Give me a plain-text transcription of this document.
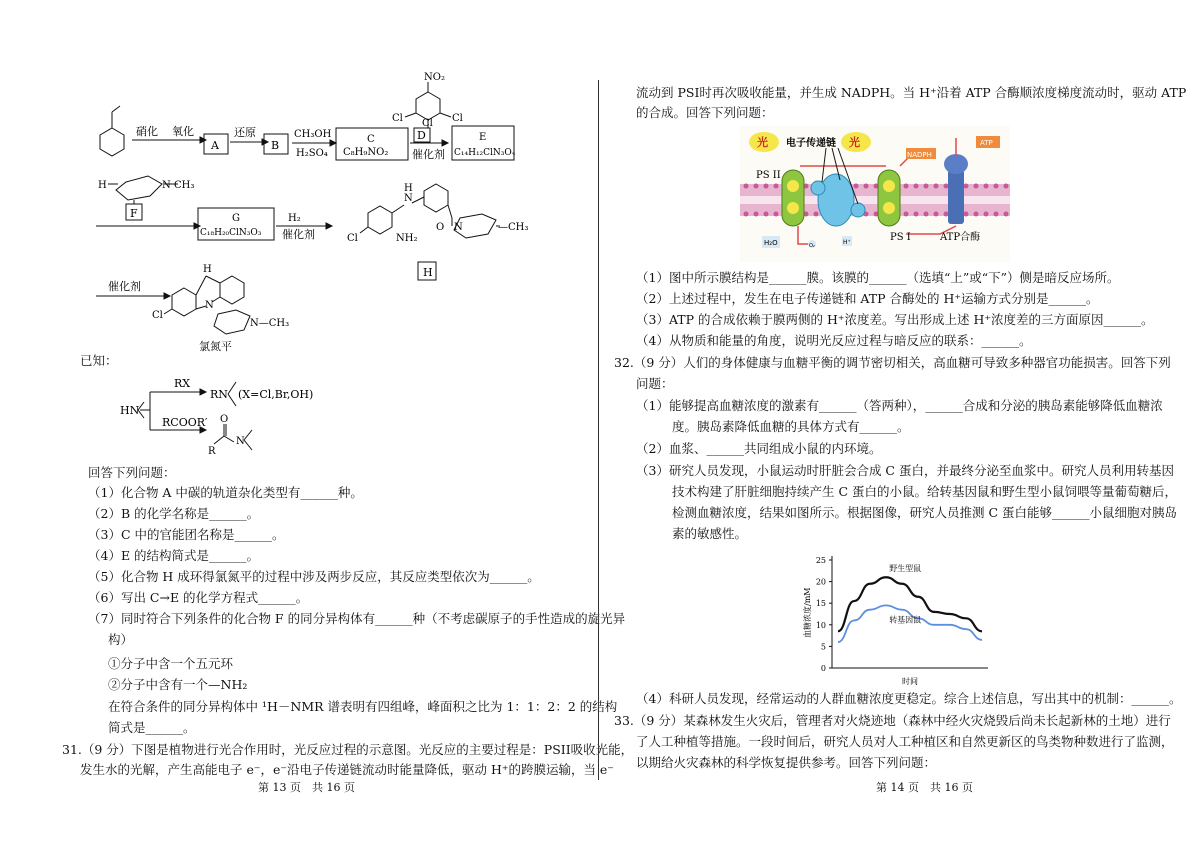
硝化 氧化
A
还原
B
CH₃OH
H₂SO₄
C
C₈H₉NO₂
NO₂
Cl	Cl
Cl
D
催化剂
E
C₁₄H₁₂ClN₃O₄
H	N CH₃
F	G
C₁₈H₂₀ClN₃O₃
H₂
催化剂
N
H
Cl	NH₂
O N	—CH₃
H
催化剂
H
N
Cl
N—CH₃
氯氮平
已知：
HN
RX
RN (X=Cl,Br,OH)
RCOOR′ O
R
N
回答下列问题：
（1）化合物 A 中碳的轨道杂化类型有______种。
（2）B 的化学名称是______。
（3）C 中的官能团名称是______。
（4）E 的结构简式是______。
（5）化合物 H 成环得氯氮平的过程中涉及两步反应，其反应类型依次为______。
（6）写出 C→E 的化学方程式______。
（7）同时符合下列条件的化合物 F 的同分异构体有______种（不考虑碳原子的手性造成的旋光异
构）
①分子中含一个五元环
②分子中含有一个—NH₂
在符合条件的同分异构体中 ¹H－NMR 谱表明有四组峰，峰面积之比为 1：1：2：2 的结构
简式是______。
31.（9 分）下图是植物进行光合作用时，光反应过程的示意图。光反应的主要过程是：PSII吸收光能，
发生水的光解，产生高能电子 e⁻，e⁻沿电子传递链流动时能量降低，驱动 H⁺的跨膜运输，当 e⁻
第 13 页　共 16 页
流动到 PSI时再次吸收能量，并生成 NADPH。当 H⁺沿着 ATP 合酶顺浓度梯度流动时，驱动 ATP
的合成。回答下列问题：
光	光
电子传递链
NADPH
ATP
PS II
PS I	ATP合酶
H₂O	O₂	H⁺
（1）图中所示膜结构是______膜。该膜的______（选填“上”或“下”）侧是暗反应场所。
（2）上述过程中，发生在电子传递链和 ATP 合酶处的 H⁺运输方式分别是______。
（3）ATP 的合成依赖于膜两侧的 H⁺浓度差。写出形成上述 H⁺浓度差的三方面原因______。
（4）从物质和能量的角度，说明光反应过程与暗反应的联系：______。
32.（9 分）人们的身体健康与血糖平衡的调节密切相关，高血糖可导致多种器官功能损害。回答下列
问题：
（1）能够提高血糖浓度的激素有______（答两种），______合成和分泌的胰岛素能够降低血糖浓
度。胰岛素降低血糖的具体方式有______。
（2）血浆、______共同组成小鼠的内环境。
（3）研究人员发现，小鼠运动时肝脏会合成 C 蛋白，并最终分泌至血浆中。研究人员利用转基因
技术构建了肝脏细胞持续产生 C 蛋白的小鼠。给转基因鼠和野生型小鼠饲喂等量葡萄糖后，
检测血糖浓度，结果如图所示。根据图像，研究人员推测 C 蛋白能够______小鼠细胞对胰岛
素的敏感性。
0
5
10
15
20
25
野生型鼠
转基因鼠
时间
血糖浓度/mM
（4）科研人员发现，经常运动的人群血糖浓度更稳定。综合上述信息，写出其中的机制：______。
33.（9 分）某森林发生火灾后，管理者对火烧迹地（森林中经火灾烧毁后尚未长起新林的土地）进行
了人工种植等措施。一段时间后，研究人员对人工种植区和自然更新区的鸟类物种数进行了监测，
以期给火灾森林的科学恢复提供参考。回答下列问题：
第 14 页　共 16 页
